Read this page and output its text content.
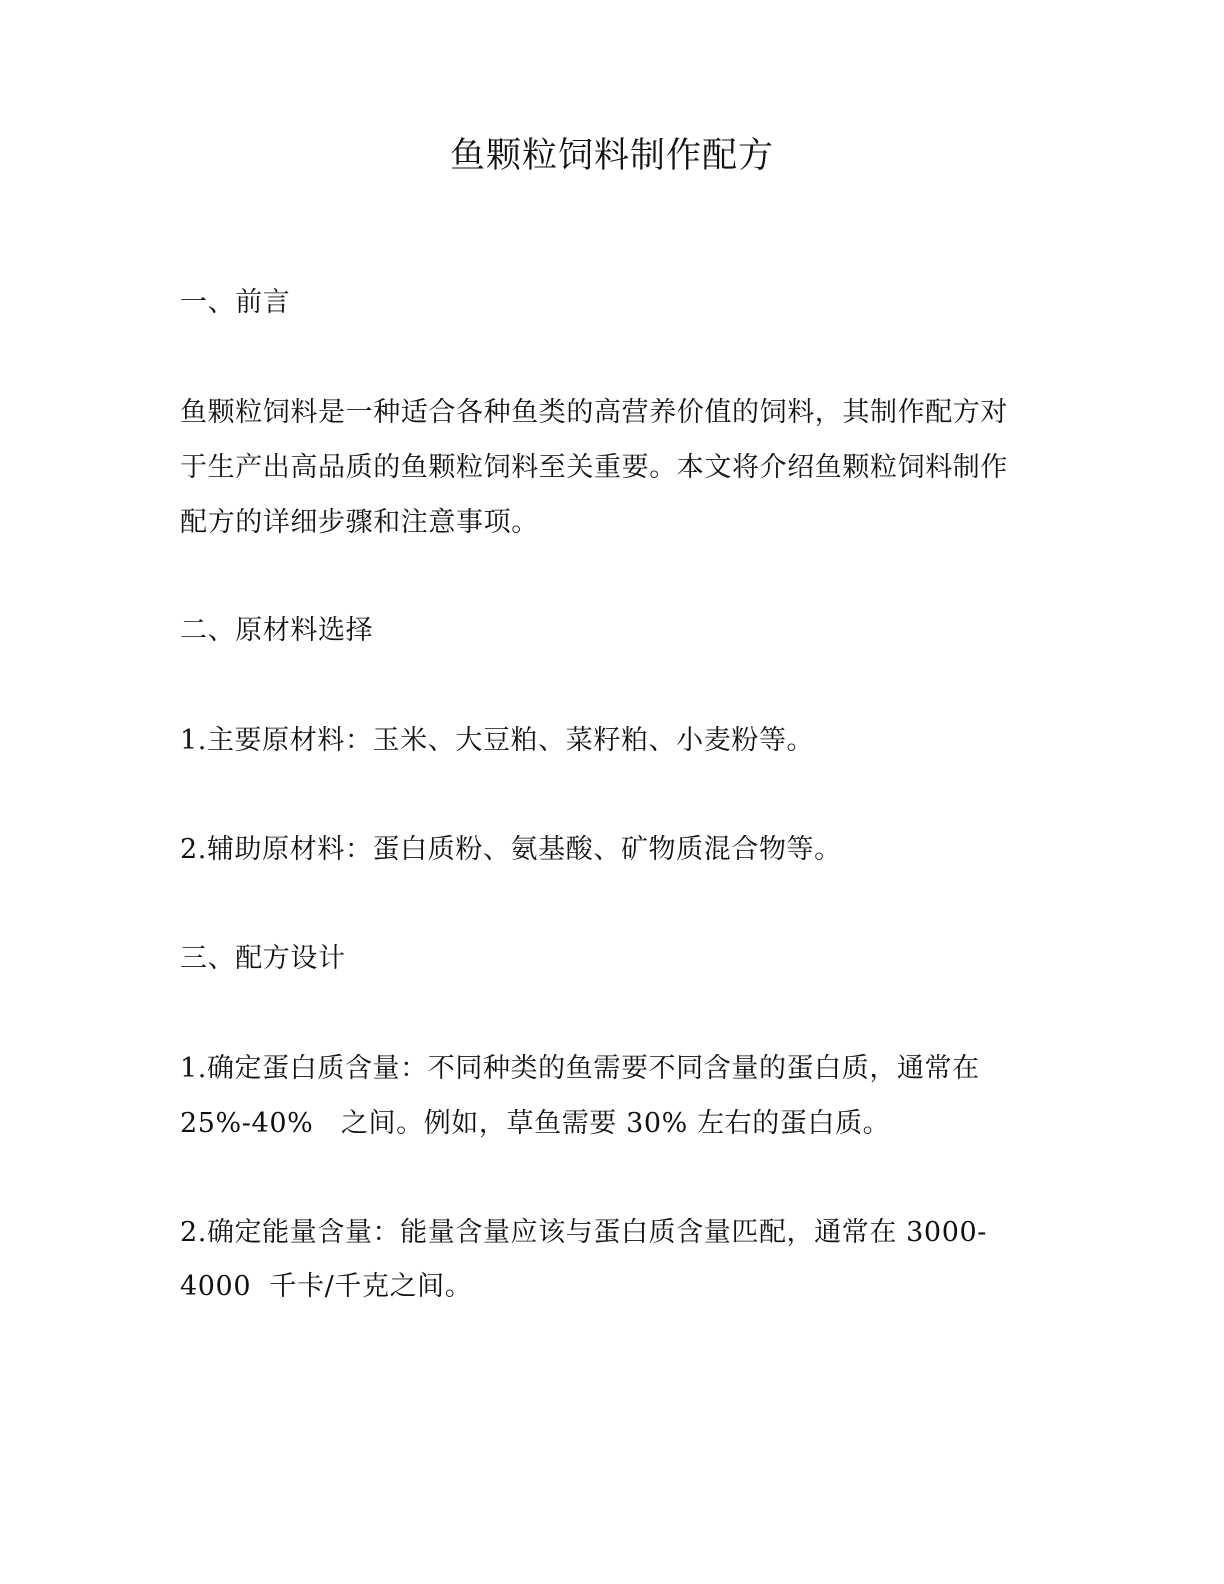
鱼颗粒饲料制作配方
一、前言
鱼颗粒饲料是一种适合各种鱼类的高营养价值的饲料，其制作配方对
于生产出高品质的鱼颗粒饲料至关重要。本文将介绍鱼颗粒饲料制作
配方的详细步骤和注意事项。
二、原材料选择
1.主要原材料：玉米、大豆粕、菜籽粕、小麦粉等。
2.辅助原材料：蛋白质粉、氨基酸、矿物质混合物等。
三、配方设计
1.确定蛋白质含量：不同种类的鱼需要不同含量的蛋白质，通常在
25%-40%   之间。例如，草鱼需要 30% 左右的蛋白质。
2.确定能量含量：能量含量应该与蛋白质含量匹配，通常在 3000-
4000  千卡/千克之间。
